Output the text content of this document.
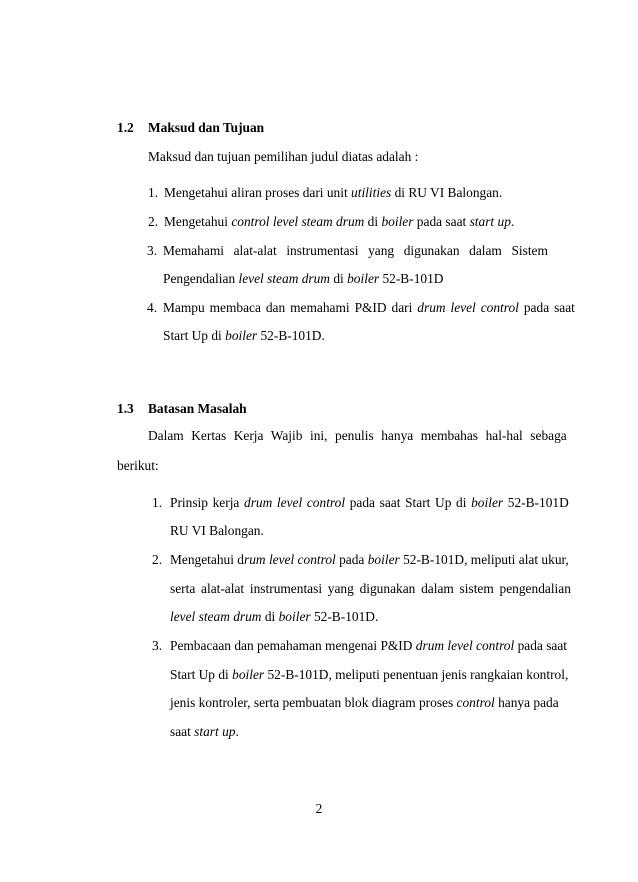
1.2 Maksud dan Tujuan
Maksud dan tujuan pemilihan judul diatas adalah :
1. Mengetahui aliran proses dari unit utilities di RU VI Balongan.
2. Mengetahui control level steam drum di boiler pada saat start up.
3. Memahami alat-alat instrumentasi yang digunakan dalam Sistem
Pengendalian level steam drum di boiler 52-B-101D
4. Mampu membaca dan memahami P&ID dari drum level control pada saat
Start Up di boiler 52-B-101D.
1.3 Batasan Masalah
Dalam Kertas Kerja Wajib ini, penulis hanya membahas hal-hal sebaga
berikut:
1. Prinsip kerja drum level control pada saat Start Up di boiler 52-B-101D
RU VI Balongan.
2. Mengetahui drum level control pada boiler 52-B-101D, meliputi alat ukur,
serta alat-alat instrumentasi yang digunakan dalam sistem pengendalian
level steam drum di boiler 52-B-101D.
3. Pembacaan dan pemahaman mengenai P&ID drum level control pada saat
Start Up di boiler 52-B-101D, meliputi penentuan jenis rangkaian kontrol,
jenis kontroler, serta pembuatan blok diagram proses control hanya pada
saat start up.
2
